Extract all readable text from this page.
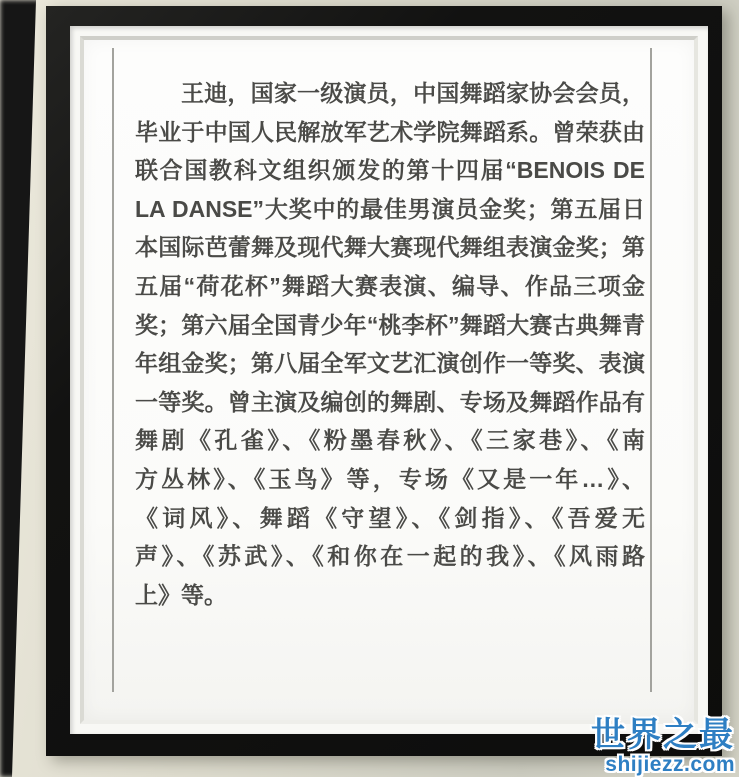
王迪，国家一级演员，中国舞蹈家协会会员，
毕业于中国人民解放军艺术学院舞蹈系。曾荣获由
联合国教科文组织颁发的第十四届“BENOIS DE
LA DANSE”大奖中的最佳男演员金奖；第五届日
本国际芭蕾舞及现代舞大赛现代舞组表演金奖；第
五届“荷花杯”舞蹈大赛表演、编导、作品三项金
奖；第六届全国青少年“桃李杯”舞蹈大赛古典舞青
年组金奖；第八届全军文艺汇演创作一等奖、表演
一等奖。曾主演及编创的舞剧、专场及舞蹈作品有
舞剧《孔雀》、《粉墨春秋》、《三家巷》、《南
方丛林》、《玉鸟》等，专场《又是一年…》、
《词风》、舞蹈《守望》、《剑指》、《吾爱无
声》、《苏武》、《和你在一起的我》、《风雨路
上》等。
世界之最
shijiezz.com
